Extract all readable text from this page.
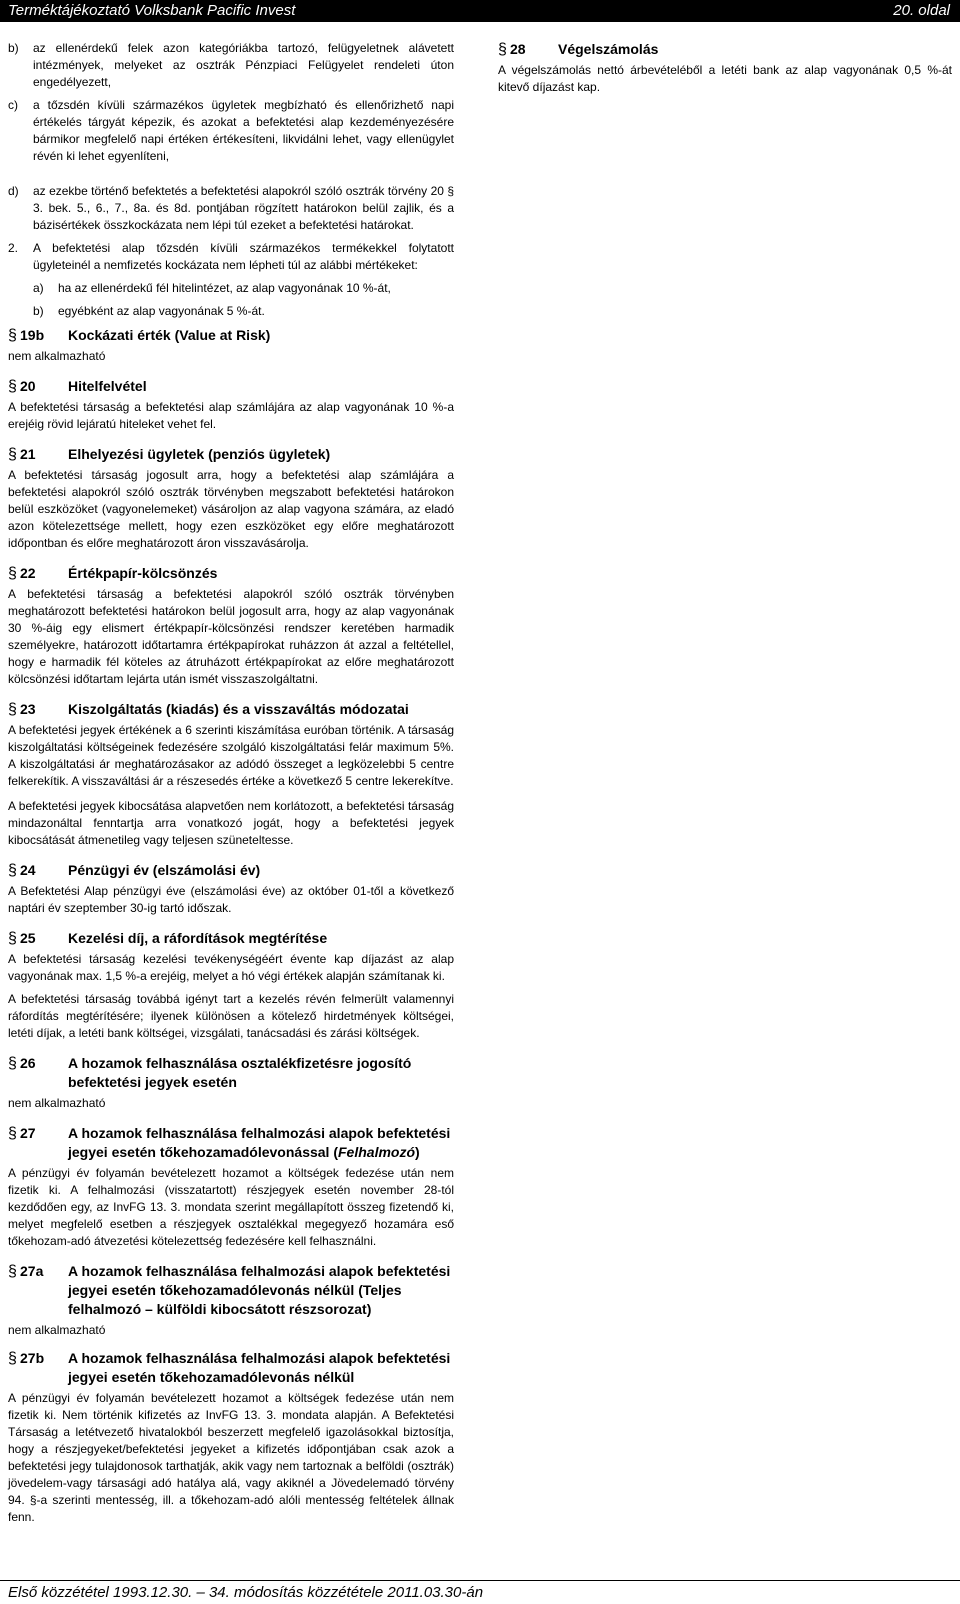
Terméktájékoztató Volksbank Pacific Invest	20. oldal
b)	az ellenérdekű felek azon kategóriákba tartozó, felügyeletnek alávetett intézmények, melyeket az osztrák Pénzpiaci Felügyelet rendeleti úton engedélyezett,
c)	a tőzsdén kívüli származékos ügyletek megbízható és ellenőrizhető napi értékelés tárgyát képezik, és azokat a befektetési alap kezdeményezésére bármikor megfelelő napi értéken értékesíteni, likvidálni lehet, vagy ellenügylet révén ki lehet egyenlíteni,
d)	az ezekbe történő befektetés a befektetési alapokról szóló osztrák törvény 20 § 3. bek. 5., 6., 7., 8a. és 8d. pontjában rögzített határokon belül zajlik, és a bázisértékek összkockázata nem lépi túl ezeket a befektetési határokat.
2.	A befektetési alap tőzsdén kívüli származékos termékekkel folytatott ügyleteinél a nemfizetés kockázata nem lépheti túl az alábbi mértékeket:
a)	ha az ellenérdekű fél hitelintézet, az alap vagyonának 10 %-át,
b)	egyébként az alap vagyonának 5 %-át.
§ 19b	Kockázati érték (Value at Risk)

nem alkalmazható

§ 20	Hitelfelvétel

A befektetési társaság a befektetési alap számlájára az alap vagyonának 10 %-a erejéig rövid lejáratú hiteleket vehet fel.

§ 21	Elhelyezési ügyletek (penziós ügyletek)

A befektetési társaság jogosult arra, hogy a befektetési alap számlájára a befektetési alapokról szóló osztrák törvényben megszabott befektetési határokon belül eszközöket (vagyonelemeket) vásároljon az alap vagyona számára, az eladó azon kötelezettsége mellett, hogy ezen eszközöket egy előre meghatározott időpontban és előre meghatározott áron visszavásárolja.

§ 22	Értékpapír-kölcsönzés

A befektetési társaság a befektetési alapokról szóló osztrák törvényben meghatározott befektetési határokon belül jogosult arra, hogy az alap vagyonának 30 %-áig egy elismert értékpapír-kölcsönzési rendszer keretében harmadik személyekre, határozott időtartamra értékpapírokat ruházzon át azzal a feltétellel, hogy e harmadik fél köteles az átruházott értékpapírokat az előre meghatározott kölcsönzési időtartam lejárta után ismét visszaszolgáltatni.

§ 23	Kiszolgáltatás (kiadás) és a visszaváltás módozatai

A befektetési jegyek értékének a 6 szerinti kiszámítása euróban történik. A társaság kiszolgáltatási költségeinek fedezésére szolgáló kiszolgáltatási felár maximum 5%. A kiszolgáltatási ár meghatározásakor az adódó összeget a legközelebbi 5 centre felkerekítik. A visszaváltási ár a részesedés értéke a következő 5 centre lekerekítve.

A befektetési jegyek kibocsátása alapvetően nem korlátozott, a befektetési társaság mindazonáltal fenntartja arra vonatkozó jogát, hogy a befektetési jegyek kibocsátását átmenetileg vagy teljesen szüneteltesse.

§ 24	Pénzügyi év (elszámolási év)

A Befektetési Alap pénzügyi éve (elszámolási éve) az október 01-től a következő naptári év szeptember 30-ig tartó időszak.

§ 25	Kezelési díj, a ráfordítások megtérítése

A befektetési társaság kezelési tevékenységéért évente kap díjazást az alap vagyonának max. 1,5 %-a erejéig, melyet a hó végi értékek alapján számítanak ki.

A befektetési társaság továbbá igényt tart a kezelés révén felmerült valamennyi ráfordítás megtérítésére; ilyenek különösen a kötelező hirdetmények költségei, letéti díjak, a letéti bank költségei, vizsgálati, tanácsadási és zárási költségek.

§ 26	A hozamok felhasználása osztalékfizetésre jogosító befektetési jegyek esetén

nem alkalmazható

§ 27	A hozamok felhasználása felhalmozási alapok befektetési jegyei esetén tőkehozamadólevonással (Felhalmozó)

A pénzügyi év folyamán bevételezett hozamot a költségek fedezése után nem fizetik ki. A felhalmozási (visszatartott) részjegyek esetén november 28-tól kezdődően egy, az InvFG 13. 3. mondata szerint megállapított összeg fizetendő ki, melyet megfelelő esetben a részjegyek osztalékkal megegyező hozamára eső tőkehozam-adó átvezetési kötelezettség fedezésére kell felhasználni.

§ 27a	A hozamok felhasználása felhalmozási alapok befektetési jegyei esetén tőkehozamadólevonás nélkül (Teljes felhalmozó – külföldi kibocsátott részsorozat)

nem alkalmazható

§ 27b	A hozamok felhasználása felhalmozási alapok befektetési jegyei esetén tőkehozamadólevonás nélkül

A pénzügyi év folyamán bevételezett hozamot a költségek fedezése után nem fizetik ki. Nem történik kifizetés az InvFG 13. 3. mondata alapján. A Befektetési Társaság a letétvezető hivatalokból beszerzett megfelelő igazolásokkal biztosítja, hogy a részjegyeket/befektetési jegyeket a kifizetés időpontjában csak azok a befektetési jegy tulajdonosok tarthatják, akik vagy nem tartoznak a belföldi (osztrák) jövedelem-vagy társasági adó hatálya alá, vagy akiknél a Jövedelemadó törvény 94. §-a szerinti mentesség, ill. a tőkehozam-adó alóli mentesség feltételek állnak fenn.

§ 28	Végelszámolás

A végelszámolás nettó árbevételéből a letéti bank az alap vagyonának 0,5 %-át kitevő díjazást kap.

Első közzététel 1993.12.30. – 34. módosítás közzététele 2011.03.30-án
